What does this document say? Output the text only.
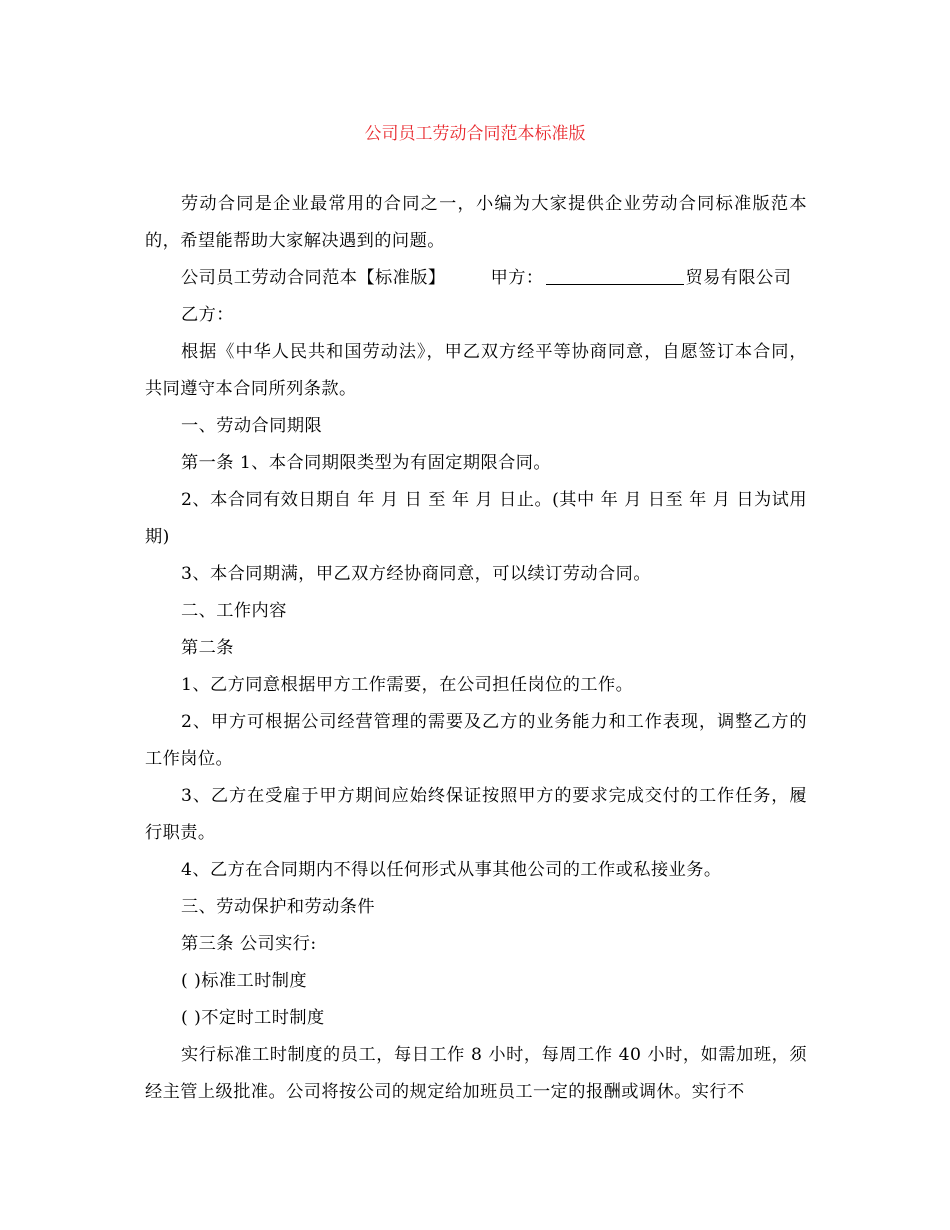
公司员工劳动合同范本标准版

劳动合同是企业最常用的合同之一，小编为大家提供企业劳动合同标准版范本的，希望能帮助大家解决遇到的问题。

公司员工劳动合同范本【标准版】	甲方：	贸易有限公司

乙方：

根据《中华人民共和国劳动法》，甲乙双方经平等协商同意，自愿签订本合同，共同遵守本合同所列条款。

一、劳动合同期限

第一条 1、本合同期限类型为有固定期限合同。

2、本合同有效日期自 年 月 日 至 年 月 日止。(其中 年 月 日至 年 月 日为试用期)

3、本合同期满，甲乙双方经协商同意，可以续订劳动合同。

二、工作内容

第二条

1、乙方同意根据甲方工作需要，在公司担任岗位的工作。

2、甲方可根据公司经营管理的需要及乙方的业务能力和工作表现，调整乙方的工作岗位。

3、乙方在受雇于甲方期间应始终保证按照甲方的要求完成交付的工作任务，履行职责。

4、乙方在合同期内不得以任何形式从事其他公司的工作或私接业务。

三、劳动保护和劳动条件

第三条 公司实行:

( )标准工时制度

( )不定时工时制度

实行标准工时制度的员工，每日工作 8 小时，每周工作 40 小时，如需加班，须经主管上级批准。公司将按公司的规定给加班员工一定的报酬或调休。实行不
